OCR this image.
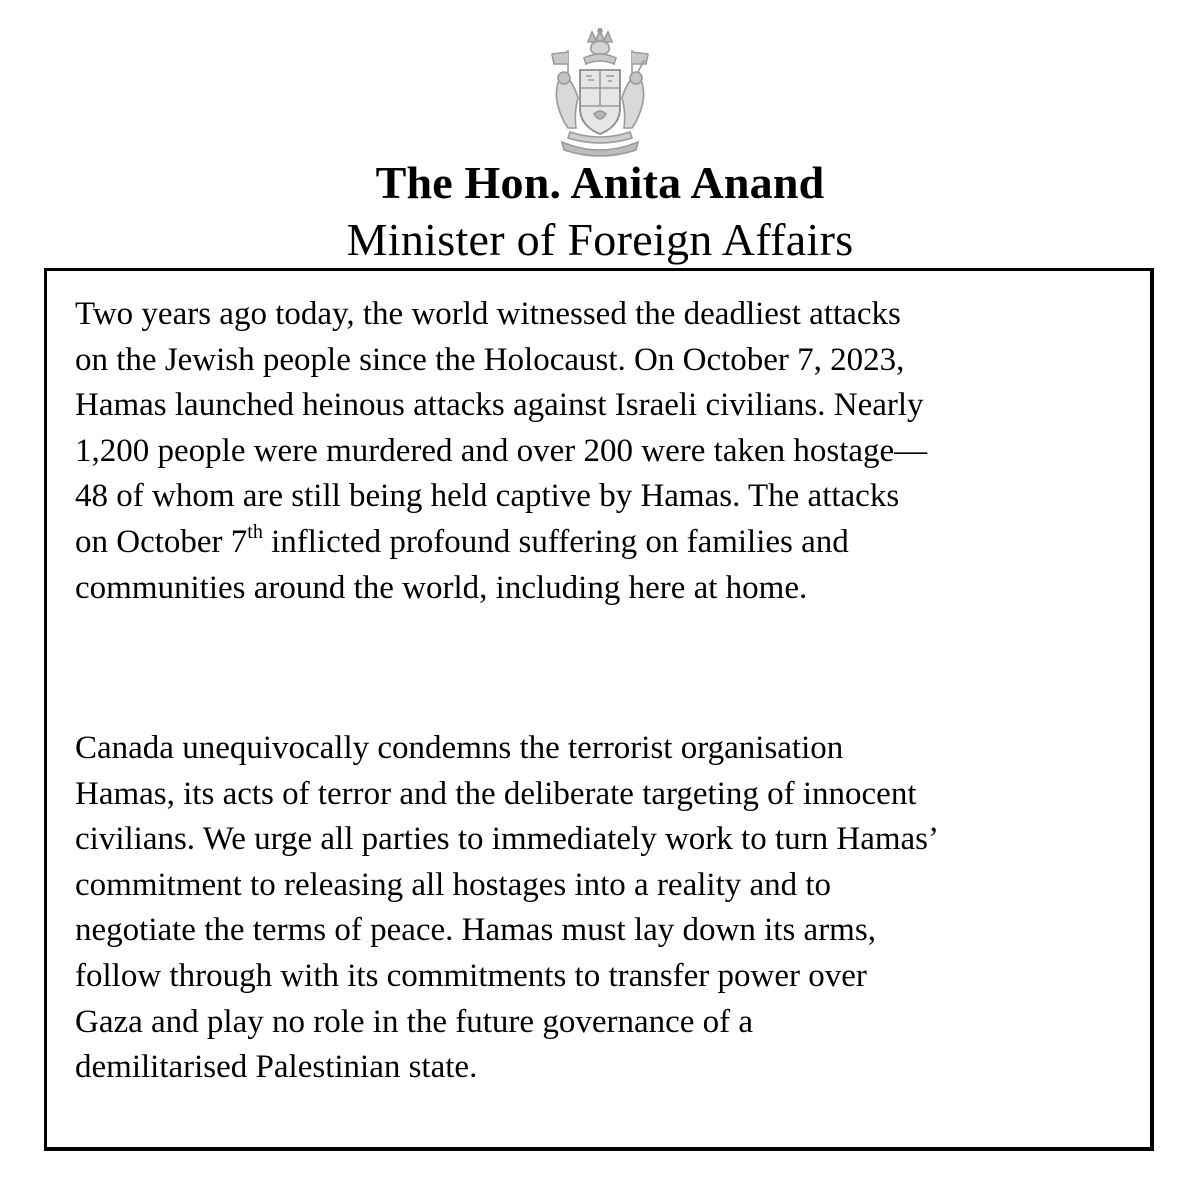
The Hon. Anita Anand
Minister of Foreign Affairs

Two years ago today, the world witnessed the deadliest attacks
on the Jewish people since the Holocaust. On October 7, 2023,
Hamas launched heinous attacks against Israeli civilians. Nearly
1,200 people were murdered and over 200 were taken hostage—
48 of whom are still being held captive by Hamas. The attacks
on October 7th inflicted profound suffering on families and
communities around the world, including here at home.

Canada unequivocally condemns the terrorist organisation
Hamas, its acts of terror and the deliberate targeting of innocent
civilians. We urge all parties to immediately work to turn Hamas’
commitment to releasing all hostages into a reality and to
negotiate the terms of peace. Hamas must lay down its arms,
follow through with its commitments to transfer power over
Gaza and play no role in the future governance of a
demilitarised Palestinian state.
